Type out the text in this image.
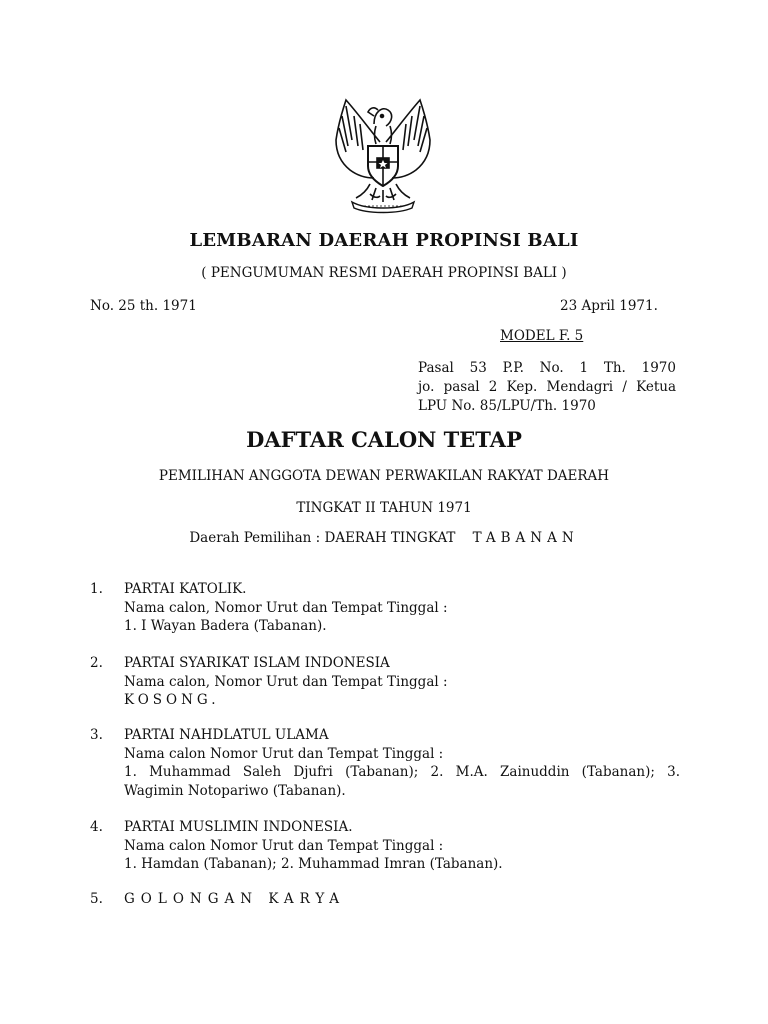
LEMBARAN DAERAH PROPINSI BALI
( PENGUMUMAN RESMI DAERAH PROPINSI BALI )
No. 25 th. 1971	23 April 1971.
MODEL F. 5
Pasal 53 P.P. No. 1 Th. 1970
jo. pasal 2 Kep. Mendagri / Ketua
LPU No. 85/LPU/Th. 1970
DAFTAR CALON TETAP
PEMILIHAN ANGGOTA DEWAN PERWAKILAN RAKYAT DAERAH
TINGKAT II TAHUN 1971
Daerah Pemilihan : DAERAH TINGKAT TABANAN
1. PARTAI KATOLIK.
Nama calon, Nomor Urut dan Tempat Tinggal :
1. I Wayan Badera (Tabanan).
2. PARTAI SYARIKAT ISLAM INDONESIA
Nama calon, Nomor Urut dan Tempat Tinggal :
KOSONG.
3. PARTAI NAHDLATUL ULAMA
Nama calon Nomor Urut dan Tempat Tinggal :
1. Muhammad Saleh Djufri (Tabanan); 2. M.A. Zainuddin (Tabanan); 3.
Wagimin Notopariwo (Tabanan).
4. PARTAI MUSLIMIN INDONESIA.
Nama calon Nomor Urut dan Tempat Tinggal :
1. Hamdan (Tabanan); 2. Muhammad Imran (Tabanan).
5. GOLONGAN KARYA
